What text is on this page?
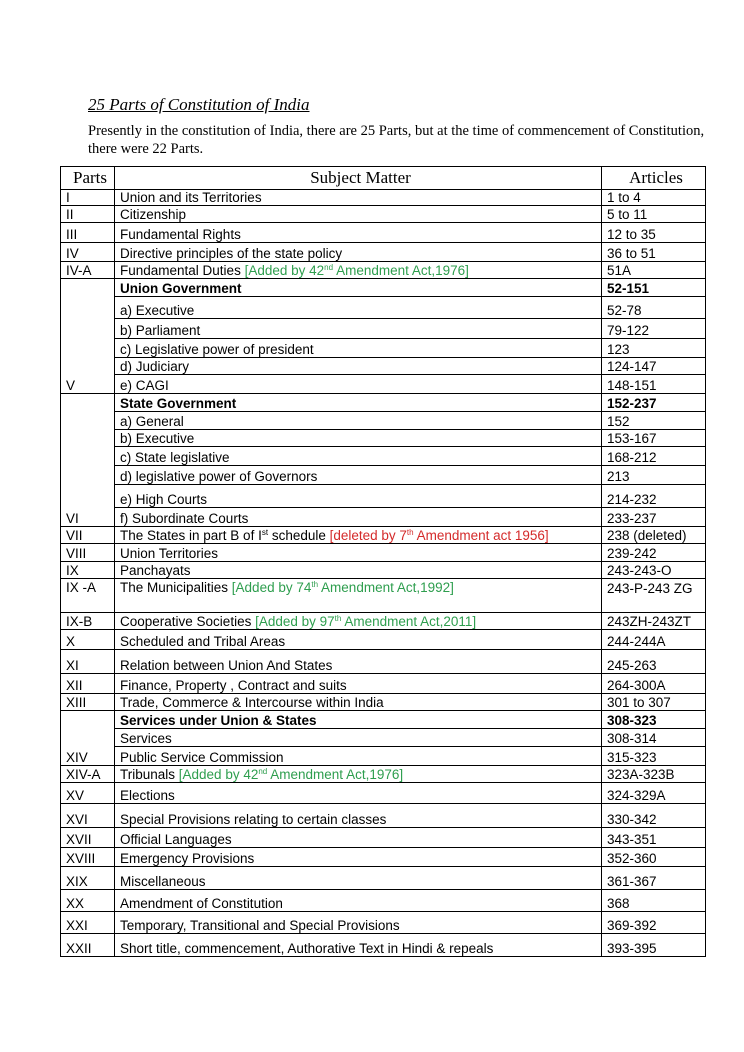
25 Parts of Constitution of India
Presently in the constitution of India, there are 25 Parts, but at the time of commencement of Constitution, there were 22 Parts.
Parts	Subject Matter	Articles
I	Union and its Territories	1 to 4
II	Citizenship	5 to 11
III	Fundamental Rights	12 to 35
IV	Directive principles of the state policy	36 to 51
IV-A	Fundamental Duties [Added by 42nd Amendment Act,1976]	51A
V	Union Government	52-151
	a) Executive	52-78
	b) Parliament	79-122
	c) Legislative power of president	123
	d) Judiciary	124-147
	e) CAGI	148-151
VI	State Government	152-237
	a) General	152
	b) Executive	153-167
	c) State legislative	168-212
	d) legislative power of Governors	213
	e) High Courts	214-232
	f) Subordinate Courts	233-237
VII	The States in part B of Ist schedule [deleted by 7th Amendment act 1956]	238 (deleted)
VIII	Union Territories	239-242
IX	Panchayats	243-243-O
IX -A	The Municipalities [Added by 74th Amendment Act,1992]	243-P-243 ZG
IX-B	Cooperative Societies [Added by 97th Amendment Act,2011]	243ZH-243ZT
X	Scheduled and Tribal Areas	244-244A
XI	Relation between Union And States	245-263
XII	Finance, Property , Contract and suits	264-300A
XIII	Trade, Commerce & Intercourse within India	301 to 307
XIV	Services under Union & States	308-323
	Services	308-314
	Public Service Commission	315-323
XIV-A	Tribunals [Added by 42nd Amendment Act,1976]	323A-323B
XV	Elections	324-329A
XVI	Special Provisions relating to certain classes	330-342
XVII	Official Languages	343-351
XVIII	Emergency Provisions	352-360
XIX	Miscellaneous	361-367
XX	Amendment of Constitution	368
XXI	Temporary, Transitional and Special Provisions	369-392
XXII	Short title, commencement, Authorative Text in Hindi & repeals	393-395
